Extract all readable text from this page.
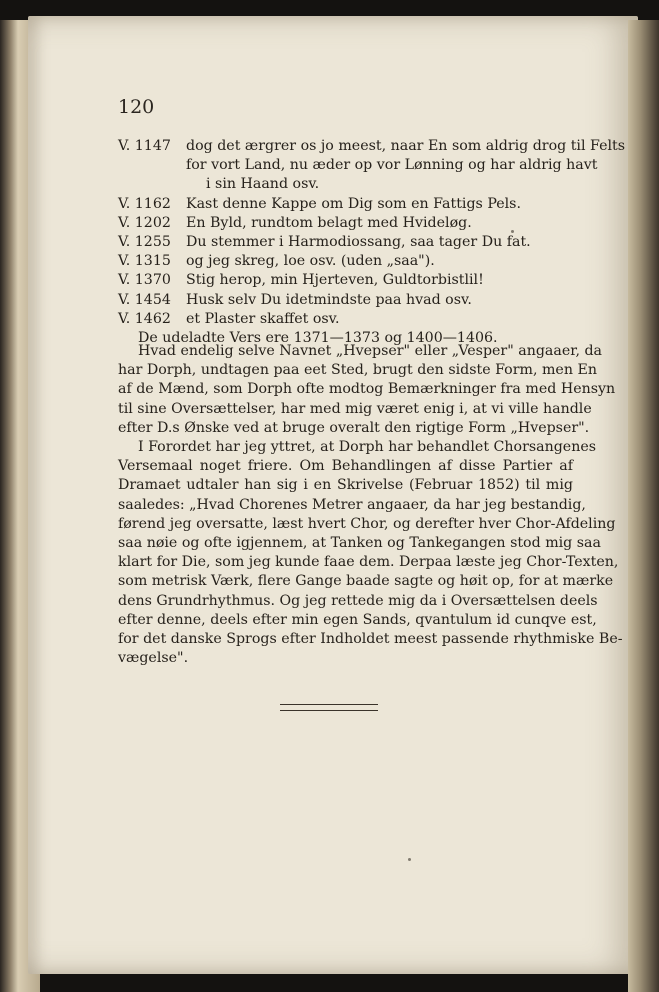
120
V. 1147 dog det ærgrer os jo meest, naar En som aldrig drog til Felts
for vort Land, nu æder op vor Lønning og har aldrig havt
i sin Haand osv.
V. 1162 Kast denne Kappe om Dig som en Fattigs Pels.
V. 1202 En Byld, rundtom belagt med Hvideløg.
V. 1255 Du stemmer i Harmodiossang, saa tager Du fat.
V. 1315 og jeg skreg, loe osv. (uden „saa").
V. 1370 Stig herop, min Hjerteven, Guldtorbistlil!
V. 1454 Husk selv Du idetmindste paa hvad osv.
V. 1462 et Plaster skaffet osv.
De udeladte Vers ere 1371—1373 og 1400—1406.
Hvad endelig selve Navnet „Hvepser" eller „Vesper" angaaer, da
har Dorph, undtagen paa eet Sted, brugt den sidste Form, men En
af de Mænd, som Dorph ofte modtog Bemærkninger fra med Hensyn
til sine Oversættelser, har med mig været enig i, at vi ville handle
efter D.s Ønske ved at bruge overalt den rigtige Form „Hvepser".
I Forordet har jeg yttret, at Dorph har behandlet Chorsangenes
Versemaal noget friere. Om Behandlingen af disse Partier af
Dramaet udtaler han sig i en Skrivelse (Februar 1852) til mig
saaledes: „Hvad Chorenes Metrer angaaer, da har jeg bestandig,
førend jeg oversatte, læst hvert Chor, og derefter hver Chor-Afdeling
saa nøie og ofte igjennem, at Tanken og Tankegangen stod mig saa
klart for Die, som jeg kunde faae dem. Derpaa læste jeg Chor-Texten,
som metrisk Værk, flere Gange baade sagte og høit op, for at mærke
dens Grundrhythmus. Og jeg rettede mig da i Oversættelsen deels
efter denne, deels efter min egen Sands, qvantulum id cunqve est,
for det danske Sprogs efter Indholdet meest passende rhythmiske Be-
vægelse".
